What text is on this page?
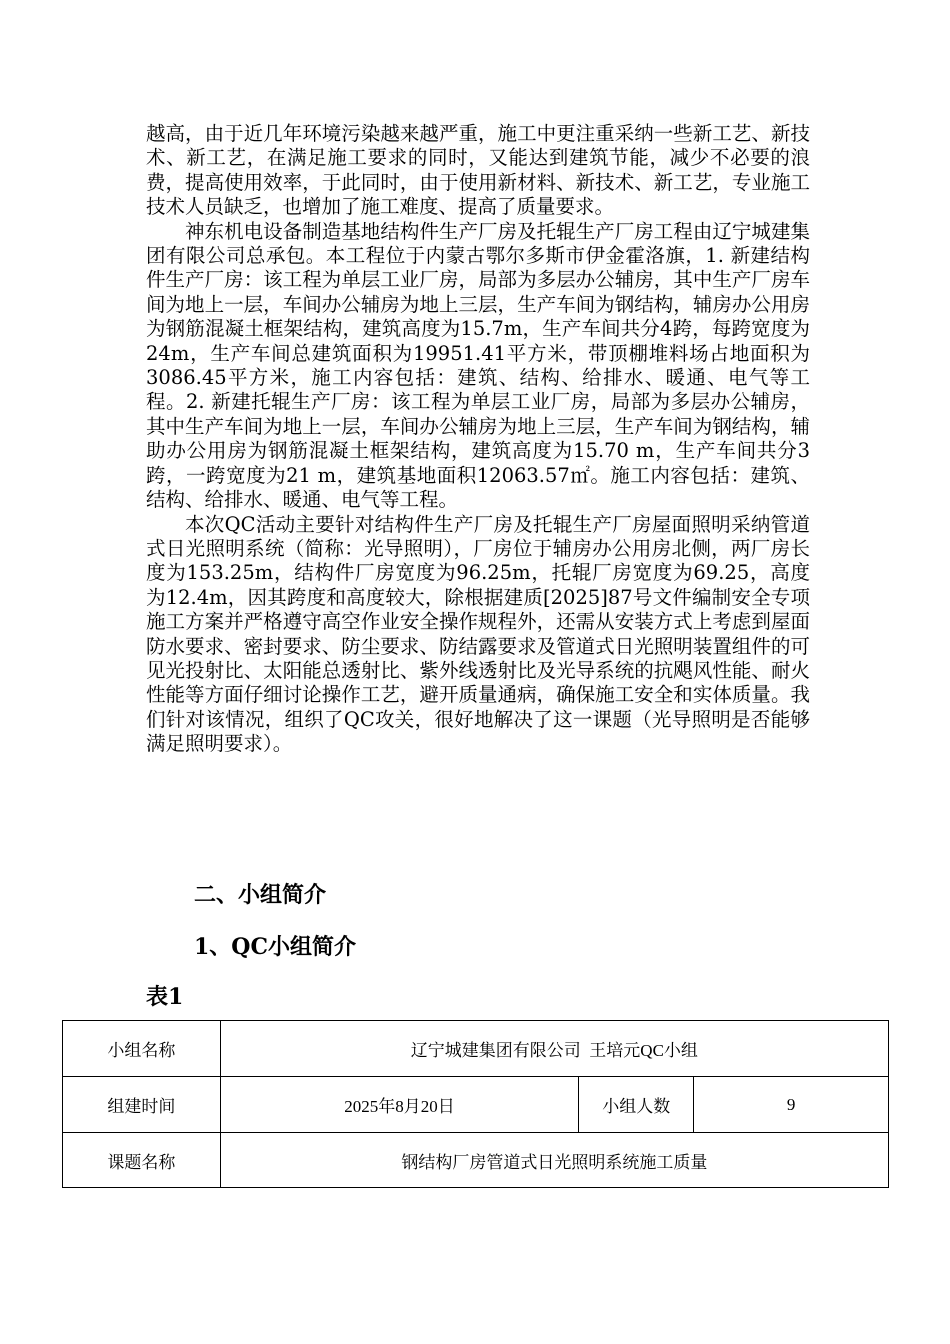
越高，由于近几年环境污染越来越严重，施工中更注重采纳一些新工艺、新技术、新工艺，在满足施工要求的同时，又能达到建筑节能，减少不必要的浪费，提高使用效率，于此同时，由于使用新材料、新技术、新工艺，专业施工技术人员缺乏，也增加了施工难度、提高了质量要求。

神东机电设备制造基地结构件生产厂房及托辊生产厂房工程由辽宁城建集团有限公司总承包。本工程位于内蒙古鄂尔多斯市伊金霍洛旗，1. 新建结构件生产厂房：该工程为单层工业厂房，局部为多层办公辅房，其中生产厂房车间为地上一层，车间办公辅房为地上三层，生产车间为钢结构，辅房办公用房为钢筋混凝土框架结构，建筑高度为15.7m，生产车间共分4跨，每跨宽度为24m，生产车间总建筑面积为19951.41平方米，带顶棚堆料场占地面积为3086.45平方米，施工内容包括：建筑、结构、给排水、暖通、电气等工程。2. 新建托辊生产厂房：该工程为单层工业厂房，局部为多层办公辅房，其中生产车间为地上一层，车间办公辅房为地上三层，生产车间为钢结构，辅助办公用房为钢筋混凝土框架结构，建筑高度为15.70 m，生产车间共分3跨，一跨宽度为21 m，建筑基地面积12063.57㎡。施工内容包括：建筑、结构、给排水、暖通、电气等工程。

本次QC活动主要针对结构件生产厂房及托辊生产厂房屋面照明采纳管道式日光照明系统（简称：光导照明），厂房位于辅房办公用房北侧，两厂房长度为153.25m，结构件厂房宽度为96.25m，托辊厂房宽度为69.25，高度为12.4m，因其跨度和高度较大，除根据建质[2025]87号文件编制安全专项施工方案并严格遵守高空作业安全操作规程外，还需从安装方式上考虑到屋面防水要求、密封要求、防尘要求、防结露要求及管道式日光照明装置组件的可见光投射比、太阳能总透射比、紫外线透射比及光导系统的抗飓风性能、耐火性能等方面仔细讨论操作工艺，避开质量通病，确保施工安全和实体质量。我们针对该情况，组织了QC攻关，很好地解决了这一课题（光导照明是否能够满足照明要求）。

二、小组简介
1、QC小组简介
表1
小组名称	辽宁城建集团有限公司  王培元QC小组		
组建时间	2025年8月20日	小组人数	9
课题名称	钢结构厂房管道式日光照明系统施工质量		
